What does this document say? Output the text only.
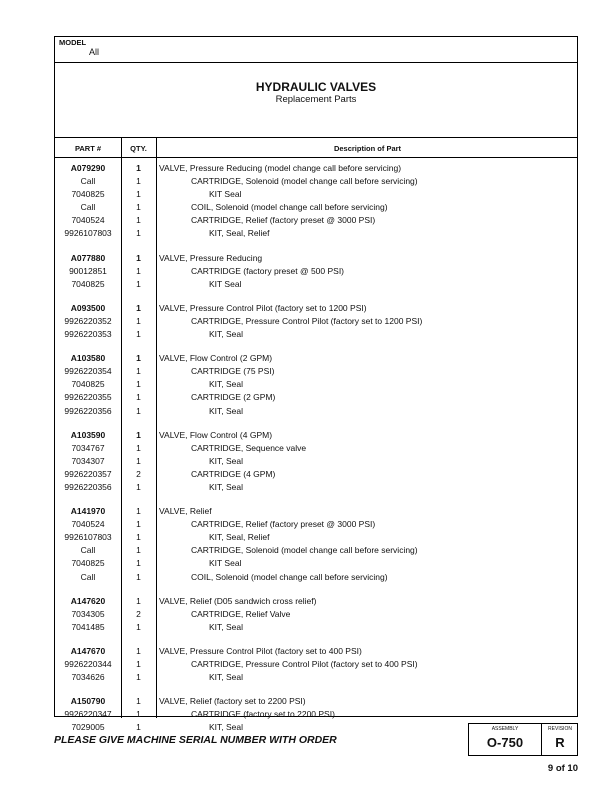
MODEL
All
HYDRAULIC VALVES
Replacement Parts
PART #	QTY.	Description of Part
A079290	1	VALVE, Pressure Reducing (model change call before servicing)
Call	1	CARTRIDGE, Solenoid (model change call before servicing)
7040825	1	KIT Seal
Call	1	COIL, Solenoid (model change call before servicing)
7040524	1	CARTRIDGE, Relief (factory preset @ 3000 PSI)
9926107803	1	KIT, Seal, Relief
A077880	1	VALVE, Pressure Reducing
90012851	1	CARTRIDGE (factory preset @ 500 PSI)
7040825	1	KIT Seal
A093500	1	VALVE, Pressure Control Pilot (factory set to 1200 PSI)
9926220352	1	CARTRIDGE, Pressure Control Pilot (factory set to 1200 PSI)
9926220353	1	KIT, Seal
A103580	1	VALVE, Flow Control (2 GPM)
9926220354	1	CARTRIDGE (75 PSI)
7040825	1	KIT, Seal
9926220355	1	CARTRIDGE (2 GPM)
9926220356	1	KIT, Seal
A103590	1	VALVE, Flow Control (4 GPM)
7034767	1	CARTRIDGE, Sequence valve
7034307	1	KIT, Seal
9926220357	2	CARTRIDGE (4 GPM)
9926220356	1	KIT, Seal
A141970	1	VALVE, Relief
7040524	1	CARTRIDGE, Relief (factory preset @ 3000 PSI)
9926107803	1	KIT, Seal, Relief
Call	1	CARTRIDGE, Solenoid (model change call before servicing)
7040825	1	KIT Seal
Call	1	COIL, Solenoid (model change call before servicing)
A147620	1	VALVE, Relief (D05 sandwich cross relief)
7034305	2	CARTRIDGE, Relief Valve
7041485	1	KIT, Seal
A147670	1	VALVE, Pressure Control Pilot (factory set to 400 PSI)
9926220344	1	CARTRIDGE, Pressure Control Pilot (factory set to 400 PSI)
7034626	1	KIT, Seal
A150790	1	VALVE, Relief (factory set to 2200 PSI)
9926220347	1	CARTRIDGE (factory set to 2200 PSI)
7029005	1	KIT, Seal
PLEASE GIVE MACHINE SERIAL NUMBER WITH ORDER
ASSEMBLY
O-750
REVISION
R
9 of 10
